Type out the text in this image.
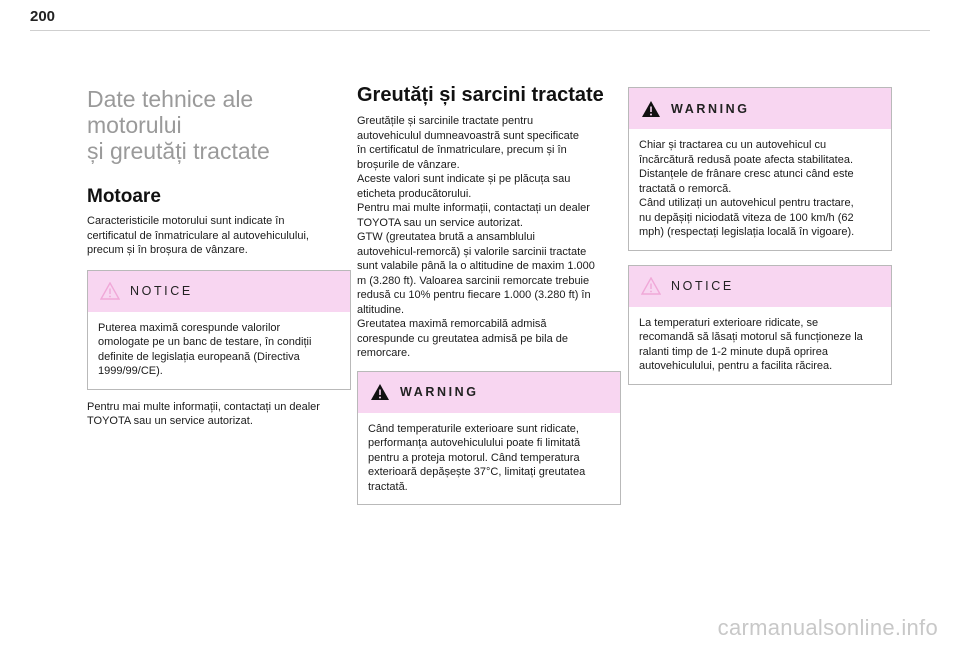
200
Date tehnice ale motorului
și greutăți tractate
Motoare
Caracteristicile motorului sunt indicate în
certificatul de înmatriculare al autovehiculului,
precum și în broșura de vânzare.
NOTICE
Puterea maximă corespunde valorilor
omologate pe un banc de testare, în condiții
definite de legislația europeană (Directiva
1999/99/CE).
Pentru mai multe informații, contactați un dealer
TOYOTA sau un service autorizat.
Greutăți și sarcini tractate
Greutățile și sarcinile tractate pentru
autovehiculul dumneavoastră sunt specificate
în certificatul de înmatriculare, precum și în
broșurile de vânzare.
Aceste valori sunt indicate și pe plăcuța sau
eticheta producătorului.
Pentru mai multe informații, contactați un dealer
TOYOTA sau un service autorizat.
GTW (greutatea brută a ansamblului
autovehicul-remorcă) și valorile sarcinii tractate
sunt valabile până la o altitudine de maxim 1.000
m (3.280 ft). Valoarea sarcinii remorcate trebuie
redusă cu 10% pentru fiecare 1.000 (3.280 ft) în
altitudine.
Greutatea maximă remorcabilă admisă
corespunde cu greutatea admisă pe bila de
remorcare.
WARNING
Când temperaturile exterioare sunt ridicate,
performanța autovehiculului poate fi limitată
pentru a proteja motorul. Când temperatura
exterioară depășește 37°C, limitați greutatea
tractată.
WARNING
Chiar și tractarea cu un autovehicul cu
încărcătură redusă poate afecta stabilitatea.
Distanțele de frânare cresc atunci când este
tractată o remorcă.
Când utilizați un autovehicul pentru tractare,
nu depășiți niciodată viteza de 100 km/h (62
mph) (respectați legislația locală în vigoare).
NOTICE
La temperaturi exterioare ridicate, se
recomandă să lăsați motorul să funcționeze la
ralanti timp de 1-2 minute după oprirea
autovehiculului, pentru a facilita răcirea.
carmanualsonline.info
